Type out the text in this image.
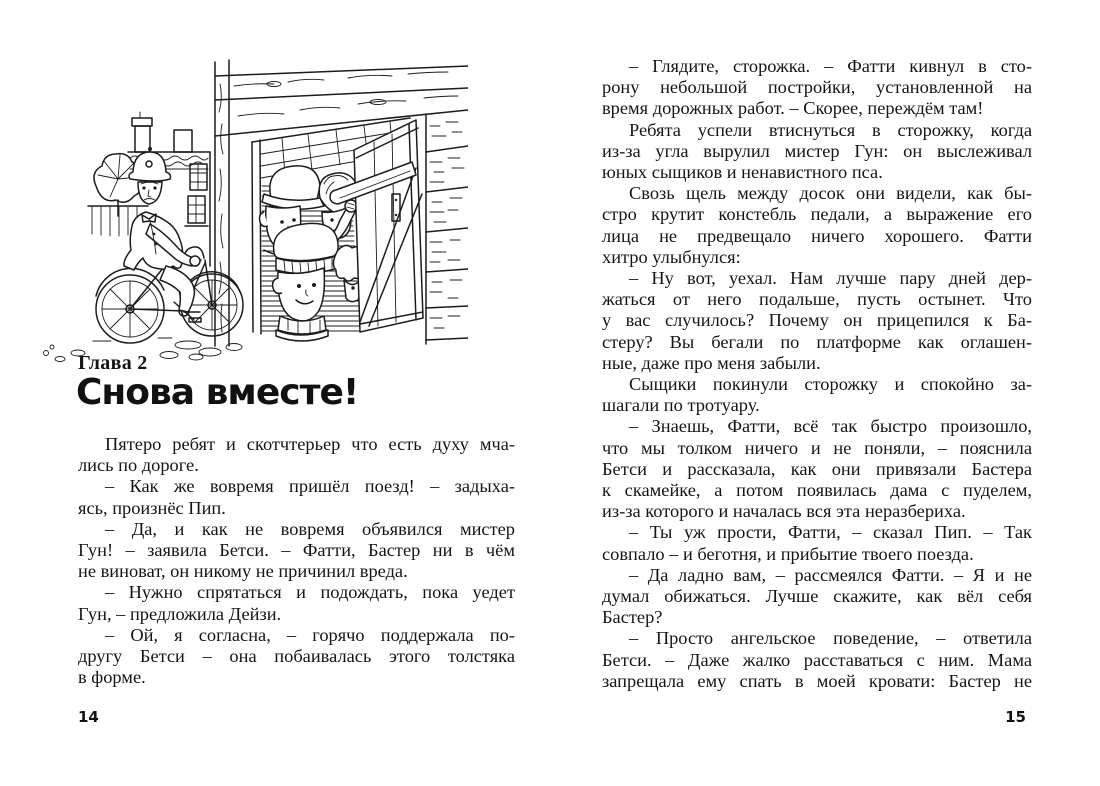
Глава 2
Снова вместе!
Пятеро ребят и скотчтерьер что есть духу мча-
лись по дороге.
– Как же вовремя пришёл поезд! – задыха-
ясь, произнёс Пип.
– Да, и как не вовремя объявился мистер
Гун! – заявила Бетси. – Фатти, Бастер ни в чём
не виноват, он никому не причинил вреда.
– Нужно спрятаться и подождать, пока уедет
Гун, – предложила Дейзи.
– Ой, я согласна, – горячо поддержала по-
другу Бетси – она побаивалась этого толстяка
в форме.
14
– Глядите, сторожка. – Фатти кивнул в сто-
рону небольшой постройки, установленной на
время дорожных работ. – Скорее, переждём там!
Ребята успели втиснуться в сторожку, когда
из-за угла вырулил мистер Гун: он выслеживал
юных сыщиков и ненавистного пса.
Свозь щель между досок они видели, как бы-
стро крутит констебль педали, а выражение его
лица не предвещало ничего хорошего. Фатти
хитро улыбнулся:
– Ну вот, уехал. Нам лучше пару дней дер-
жаться от него подальше, пусть остынет. Что
у вас случилось? Почему он прицепился к Ба-
стеру? Вы бегали по платформе как оглашен-
ные, даже про меня забыли.
Сыщики покинули сторожку и спокойно за-
шагали по тротуару.
– Знаешь, Фатти, всё так быстро произошло,
что мы толком ничего и не поняли, – пояснила
Бетси и рассказала, как они привязали Бастера
к скамейке, а потом появилась дама с пуделем,
из-за которого и началась вся эта неразбериха.
– Ты уж прости, Фатти, – сказал Пип. – Так
совпало – и беготня, и прибытие твоего поезда.
– Да ладно вам, – рассмеялся Фатти. – Я и не
думал обижаться. Лучше скажите, как вёл себя
Бастер?
– Просто ангельское поведение, – ответила
Бетси. – Даже жалко расставаться с ним. Мама
запрещала ему спать в моей кровати: Бастер не
15
